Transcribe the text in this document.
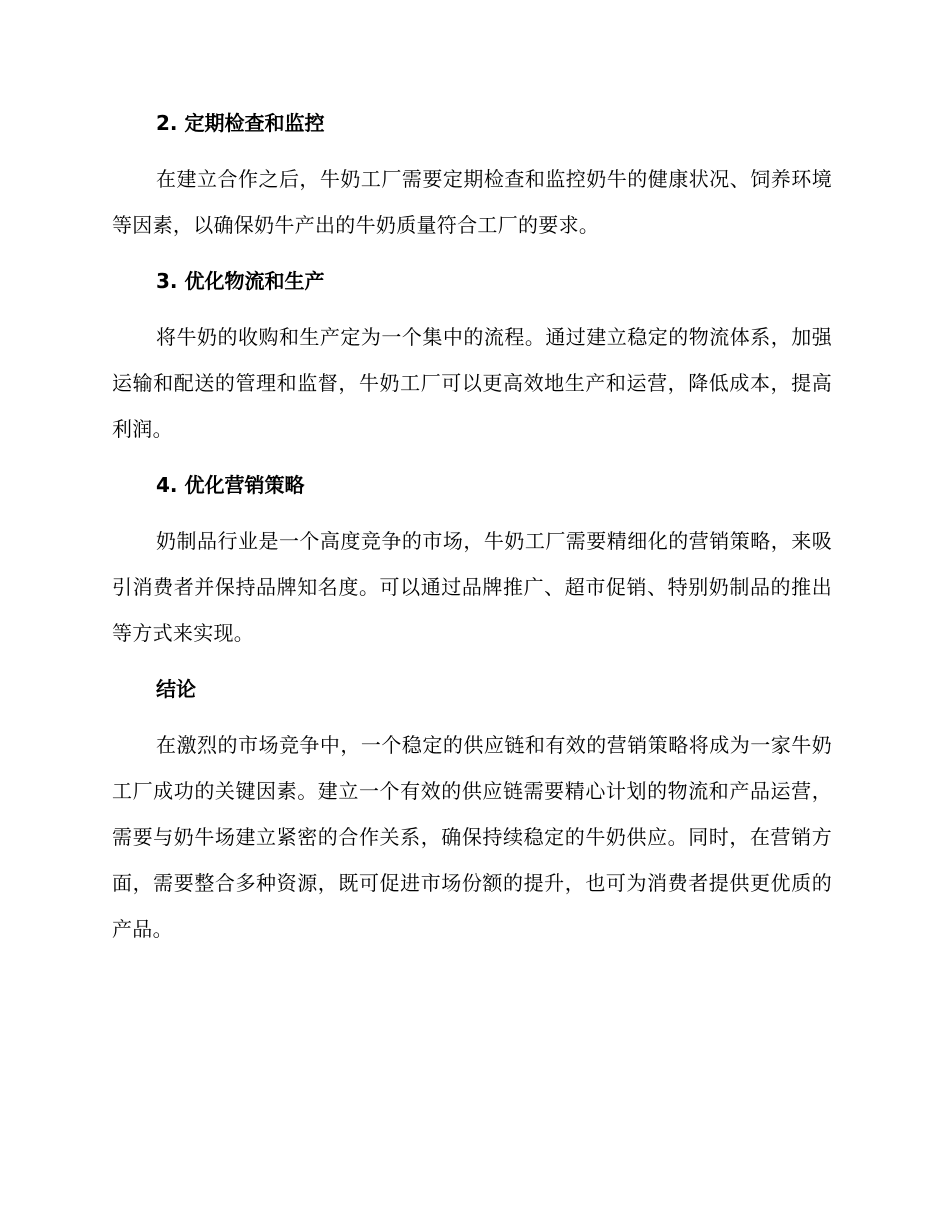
2. 定期检查和监控

在建立合作之后，牛奶工厂需要定期检查和监控奶牛的健康状况、饲养环境等因素，以确保奶牛产出的牛奶质量符合工厂的要求。

3. 优化物流和生产

将牛奶的收购和生产定为一个集中的流程。通过建立稳定的物流体系，加强运输和配送的管理和监督，牛奶工厂可以更高效地生产和运营，降低成本，提高利润。

4. 优化营销策略

奶制品行业是一个高度竞争的市场，牛奶工厂需要精细化的营销策略，来吸引消费者并保持品牌知名度。可以通过品牌推广、超市促销、特别奶制品的推出等方式来实现。

结论

在激烈的市场竞争中，一个稳定的供应链和有效的营销策略将成为一家牛奶工厂成功的关键因素。建立一个有效的供应链需要精心计划的物流和产品运营，需要与奶牛场建立紧密的合作关系，确保持续稳定的牛奶供应。同时，在营销方面，需要整合多种资源，既可促进市场份额的提升，也可为消费者提供更优质的产品。
